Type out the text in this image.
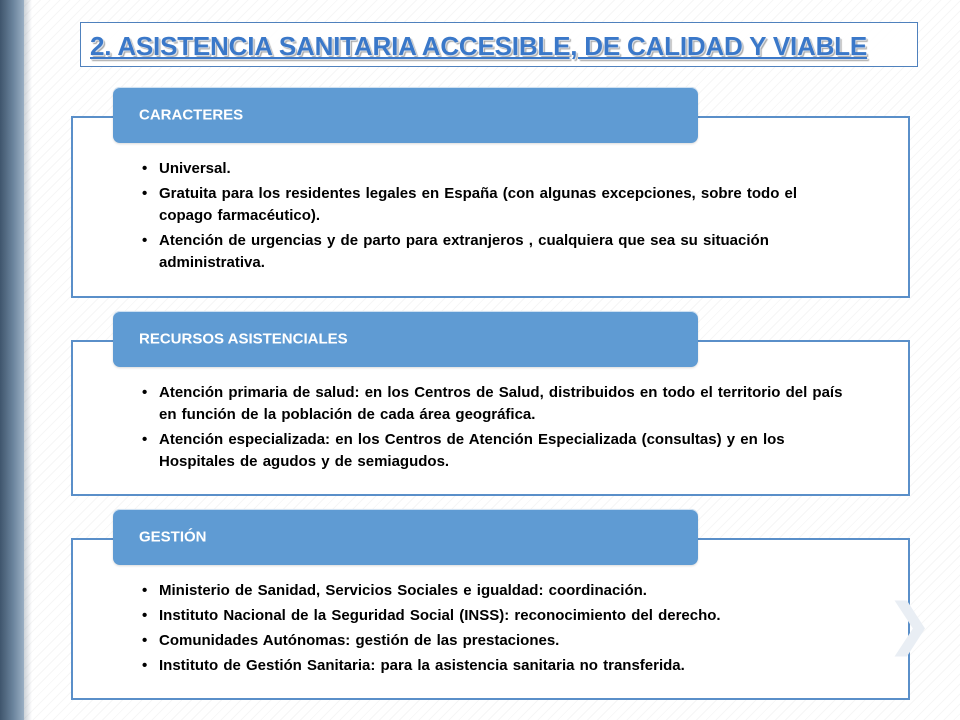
2. ASISTENCIA SANITARIA ACCESIBLE, DE CALIDAD Y VIABLE
• Universal.
• Gratuita para los residentes legales en España (con algunas excepciones, sobre todo el copago farmacéutico).
• Atención de urgencias y de parto para extranjeros , cualquiera que sea su situación administrativa.
CARACTERES
• Atención primaria de salud: en los Centros de Salud, distribuidos en todo el territorio del país en función de la población de cada área geográfica.
• Atención especializada: en los Centros de Atención Especializada (consultas) y en los Hospitales de agudos y de semiagudos.
RECURSOS ASISTENCIALES
• Ministerio de Sanidad, Servicios Sociales e igualdad: coordinación.
• Instituto Nacional de la Seguridad Social (INSS): reconocimiento del derecho.
• Comunidades Autónomas: gestión de las prestaciones.
• Instituto de Gestión Sanitaria: para la asistencia sanitaria no transferida.
GESTIÓN
❯
